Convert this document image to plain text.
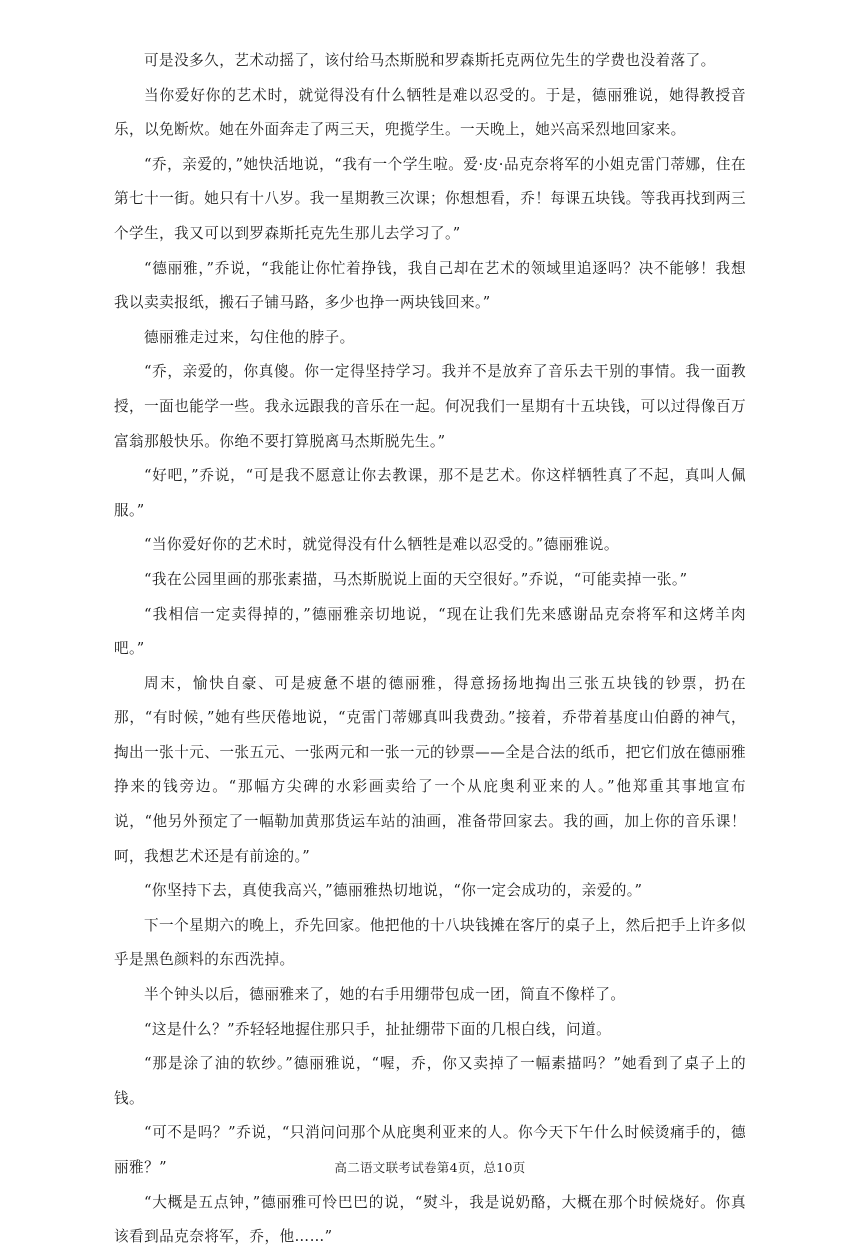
可是没多久，艺术动摇了，该付给马杰斯脱和罗森斯托克两位先生的学费也没着落了。

当你爱好你的艺术时，就觉得没有什么牺牲是难以忍受的。于是，德丽雅说，她得教授音乐，以免断炊。她在外面奔走了两三天，兜揽学生。一天晚上，她兴高采烈地回家来。

“乔，亲爱的，”她快活地说，“我有一个学生啦。爱·皮·品克奈将军的小姐克雷门蒂娜，住在第七十一街。她只有十八岁。我一星期教三次课；你想想看，乔！每课五块钱。等我再找到两三个学生，我又可以到罗森斯托克先生那儿去学习了。”

“德丽雅，”乔说，“我能让你忙着挣钱，我自己却在艺术的领域里追逐吗？决不能够！我想我以卖卖报纸，搬石子铺马路，多少也挣一两块钱回来。”

德丽雅走过来，勾住他的脖子。

“乔，亲爱的，你真傻。你一定得坚持学习。我并不是放弃了音乐去干别的事情。我一面教授，一面也能学一些。我永远跟我的音乐在一起。何况我们一星期有十五块钱，可以过得像百万富翁那般快乐。你绝不要打算脱离马杰斯脱先生。”

“好吧，”乔说，“可是我不愿意让你去教课，那不是艺术。你这样牺牲真了不起，真叫人佩服。”

“当你爱好你的艺术时，就觉得没有什么牺牲是难以忍受的。”德丽雅说。

“我在公园里画的那张素描，马杰斯脱说上面的天空很好。”乔说，“可能卖掉一张。”

“我相信一定卖得掉的，”德丽雅亲切地说，“现在让我们先来感谢品克奈将军和这烤羊肉吧。”

周末，愉快自豪、可是疲惫不堪的德丽雅，得意扬扬地掏出三张五块钱的钞票，扔在那，“有时候，”她有些厌倦地说，“克雷门蒂娜真叫我费劲。”接着，乔带着基度山伯爵的神气，掏出一张十元、一张五元、一张两元和一张一元的钞票——全是合法的纸币，把它们放在德丽雅挣来的钱旁边。“那幅方尖碑的水彩画卖给了一个从庇奥利亚来的人。”他郑重其事地宣布说，“他另外预定了一幅勒加黄那货运车站的油画，准备带回家去。我的画，加上你的音乐课！呵，我想艺术还是有前途的。”

“你坚持下去，真使我高兴，”德丽雅热切地说，“你一定会成功的，亲爱的。”

下一个星期六的晚上，乔先回家。他把他的十八块钱摊在客厅的桌子上，然后把手上许多似乎是黑色颜料的东西洗掉。

半个钟头以后，德丽雅来了，她的右手用绷带包成一团，简直不像样了。

“这是什么？”乔轻轻地握住那只手，扯扯绷带下面的几根白线，问道。

“那是涂了油的软纱。”德丽雅说，“喔，乔，你又卖掉了一幅素描吗？”她看到了桌子上的钱。

“可不是吗？”乔说，“只消问问那个从庇奥利亚来的人。你今天下午什么时候烫痛手的，德丽雅？”

“大概是五点钟，”德丽雅可怜巴巴的说，“熨斗，我是说奶酪，大概在那个时候烧好。你真该看到品克奈将军，乔，他……”

高二语文联考试卷第4页，总10页
